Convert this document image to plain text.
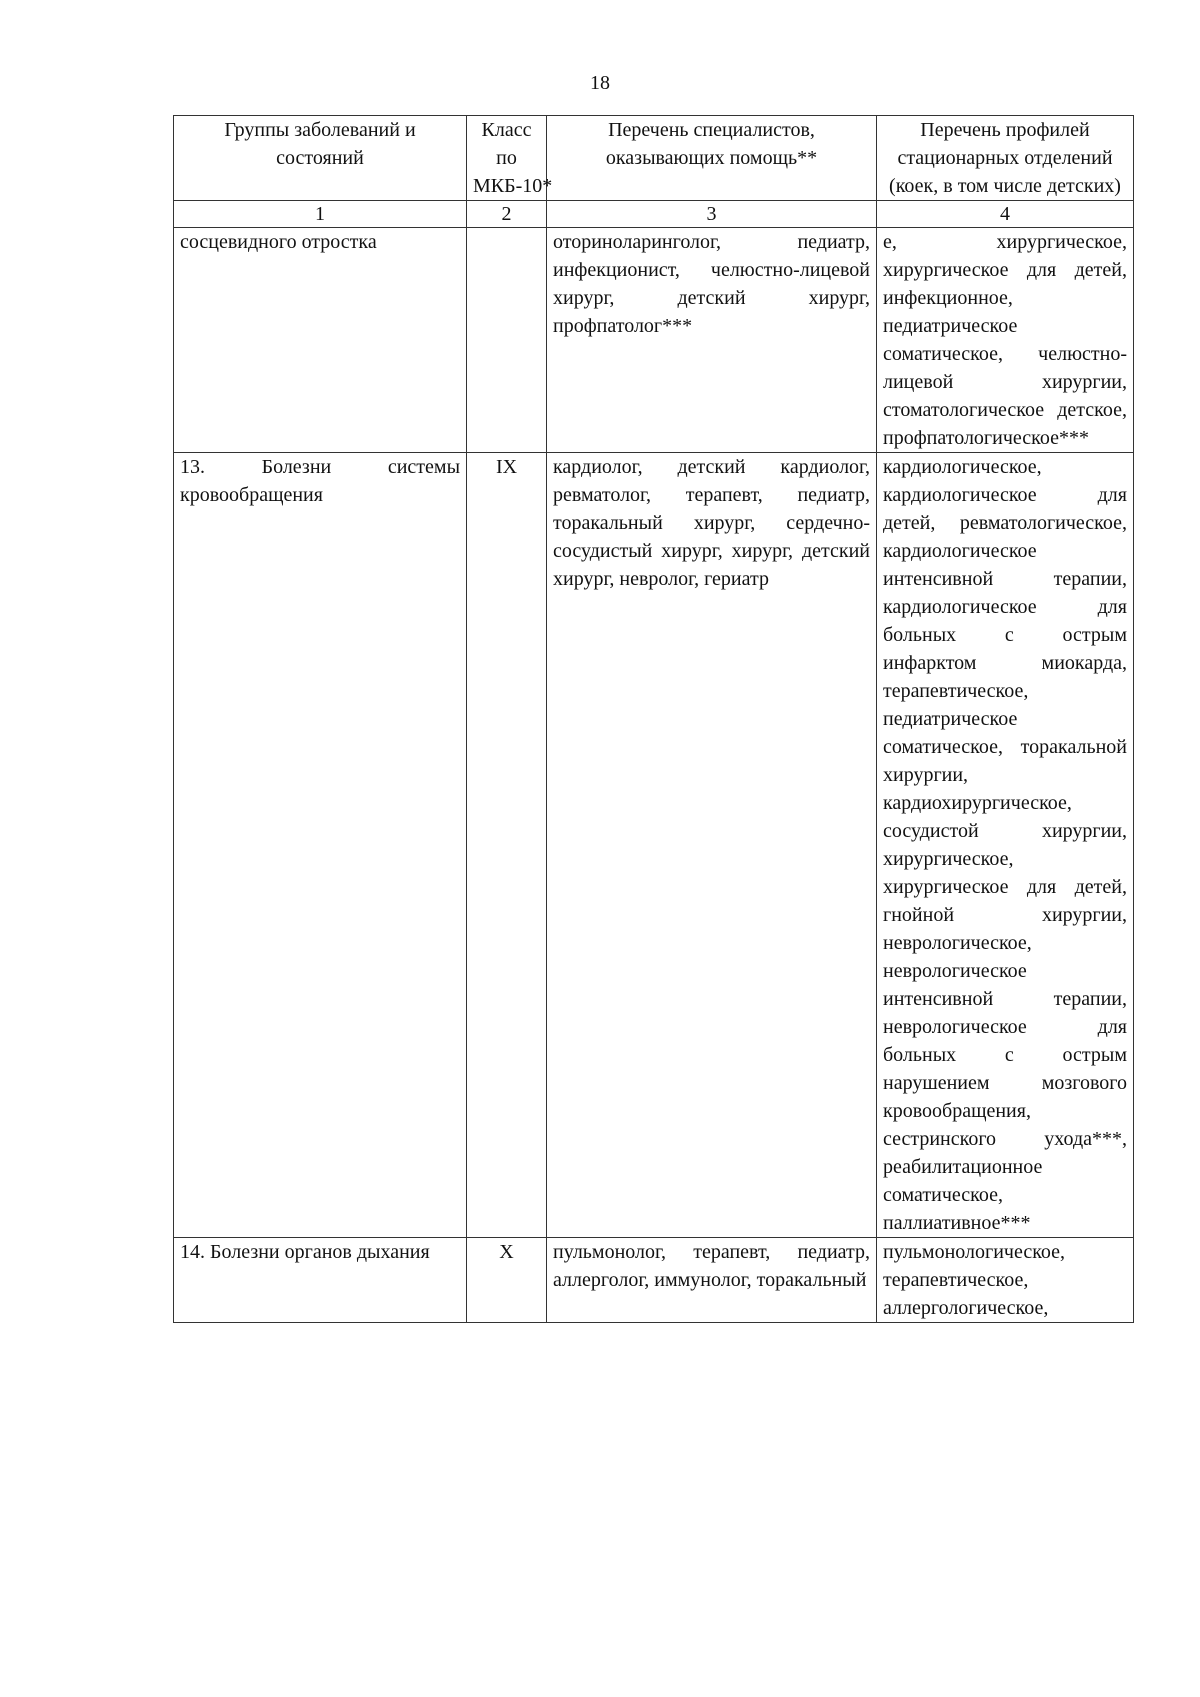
18
Группы заболеваний и состояний	Класс по МКБ-10*	Перечень специалистов, оказывающих помощь**	Перечень профилей стационарных отделений (коек, в том числе детских)
1	2	3	4
сосцевидного отростка		оториноларинголог, педиатр, инфекционист, челюстно-лицевой хирург, детский хирург, профпатолог***	е, хирургическое, хирургическое для детей, инфекционное, педиатрическое соматическое, челюстно-лицевой хирургии, стоматологическое детское, профпатологическое***
13. Болезни системы кровообращения	IX	кардиолог, детский кардиолог, ревматолог, терапевт, педиатр, торакальный хирург, сердечно-сосудистый хирург, хирург, детский хирург, невролог, гериатр	кардиологическое, кардиологическое для детей, ревматологическое, кардиологическое интенсивной терапии, кардиологическое для больных с острым инфарктом миокарда, терапевтическое, педиатрическое соматическое, торакальной хирургии, кардиохирургическое, сосудистой хирургии, хирургическое, хирургическое для детей, гнойной хирургии, неврологическое, неврологическое интенсивной терапии, неврологическое для больных с острым нарушением мозгового кровообращения, сестринского ухода***, реабилитационное соматическое, паллиативное***
14. Болезни органов дыхания	X	пульмонолог, терапевт, педиатр, аллерголог, иммунолог, торакальный	пульмонологическое, терапевтическое, аллергологическое,
